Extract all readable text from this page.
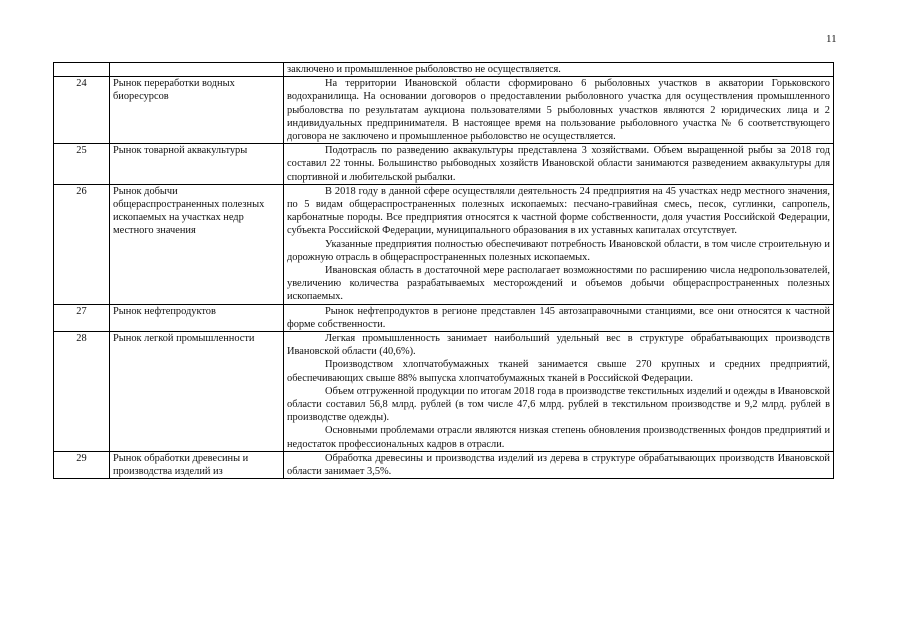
11

		заключено и промышленное рыболовство не осуществляется.

24	Рынок переработки водных биоресурсов	На территории Ивановской области сформировано 6 рыболовных участков в акватории Горьковского водохранилища. На основании договоров о предоставлении рыболовного участка для осуществления промышленного рыболовства по результатам аукциона пользователями 5 рыболовных участков являются 2 юридических лица и 2 индивидуальных предпринимателя. В настоящее время на пользование рыболовного участка № 6 соответствующего договора не заключено и промышленное рыболовство не осуществляется.

25	Рынок товарной аквакультуры	Подотрасль по разведению аквакультуры представлена 3 хозяйствами. Объем выращенной рыбы за 2018 год составил 22 тонны. Большинство рыбоводных хозяйств Ивановской области занимаются разведением аквакультуры для спортивной и любительской рыбалки.

26	Рынок добычи общераспространенных полезных ископаемых на участках недр местного значения	В 2018 году в данной сфере осуществляли деятельность 24 предприятия на 45 участках недр местного значения, по 5 видам общераспространенных полезных ископаемых: песчано-гравийная смесь, песок, суглинки, сапропель, карбонатные породы. Все предприятия относятся к частной форме собственности, доля участия Российской Федерации, субъекта Российской Федерации, муниципального образования в их уставных капиталах отсутствует.

Указанные предприятия полностью обеспечивают потребность Ивановской области, в том числе строительную и дорожную отрасль в общераспространенных полезных ископаемых.

Ивановская область в достаточной мере располагает возможностями по расширению числа недропользователей, увеличению количества разрабатываемых месторождений и объемов добычи общераспространенных полезных ископаемых.

27	Рынок нефтепродуктов	Рынок нефтепродуктов в регионе представлен 145 автозаправочными станциями, все они относятся к частной форме собственности.

28	Рынок легкой промышленности	Легкая промышленность занимает наибольший удельный вес в структуре обрабатывающих производств Ивановской области (40,6%).

Производством хлопчатобумажных тканей занимается свыше 270 крупных и средних предприятий, обеспечивающих свыше 88% выпуска хлопчатобумажных тканей в Российской Федерации.

Объем отгруженной продукции по итогам 2018 года в производстве текстильных изделий и одежды в Ивановской области составил 56,8 млрд. рублей (в том числе 47,6 млрд. рублей в текстильном производстве и 9,2 млрд. рублей в производстве одежды).

Основными проблемами отрасли являются низкая степень обновления производственных фондов предприятий и недостаток профессиональных кадров в отрасли.

29	Рынок обработки древесины и производства изделий из	Обработка древесины и производства изделий из дерева в структуре обрабатывающих производств Ивановской области занимает 3,5%.
